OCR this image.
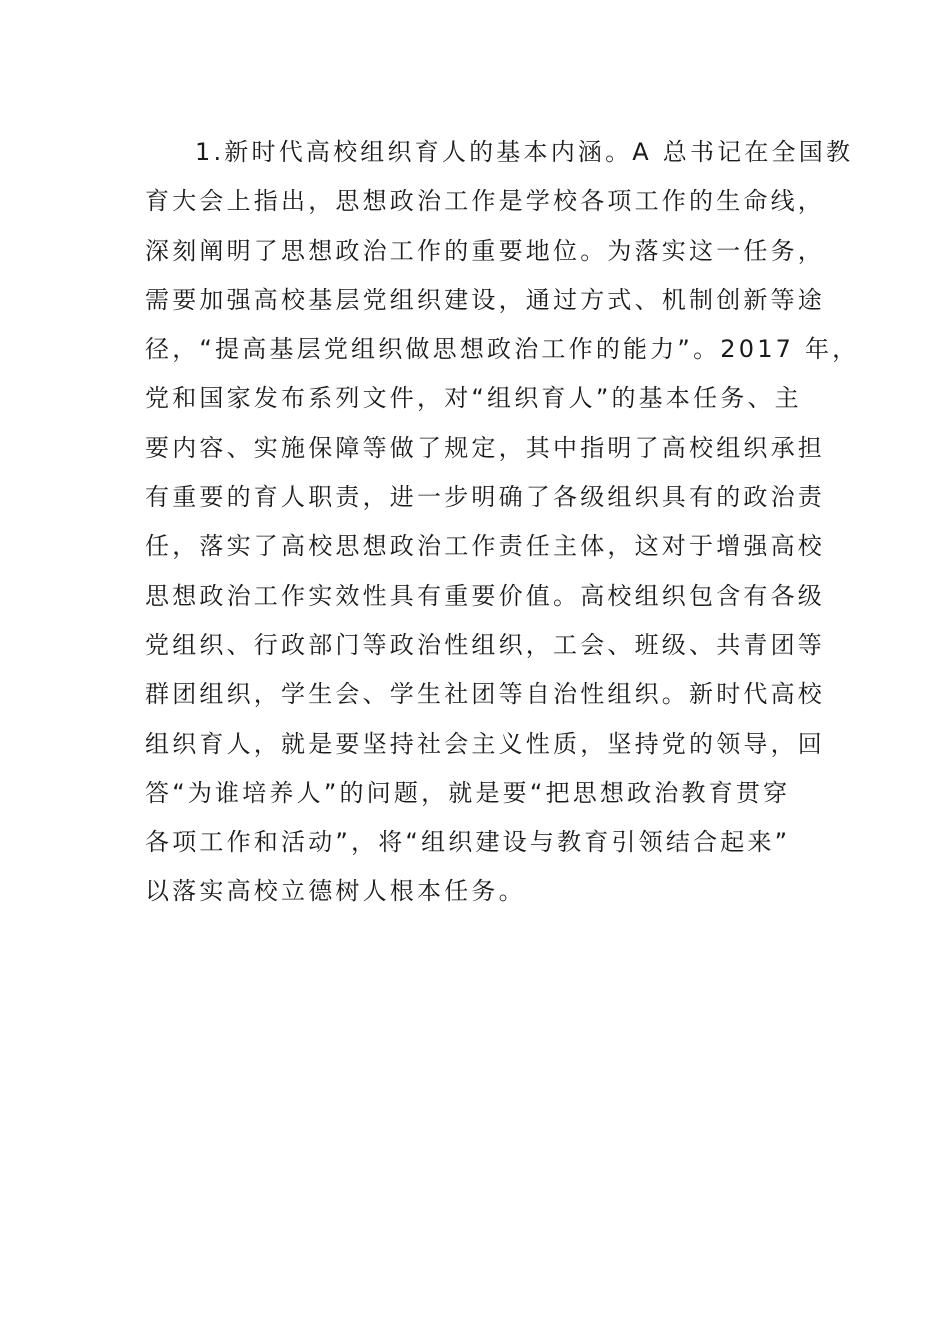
1.新时代高校组织育人的基本内涵。A 总书记在全国教
育大会上指出，思想政治工作是学校各项工作的生命线，
深刻阐明了思想政治工作的重要地位。为落实这一任务，
需要加强高校基层党组织建设，通过方式、机制创新等途
径，“提高基层党组织做思想政治工作的能力”。2017 年，
党和国家发布系列文件，对“组织育人”的基本任务、主
要内容、实施保障等做了规定，其中指明了高校组织承担
有重要的育人职责，进一步明确了各级组织具有的政治责
任，落实了高校思想政治工作责任主体，这对于增强高校
思想政治工作实效性具有重要价值。高校组织包含有各级
党组织、行政部门等政治性组织，工会、班级、共青团等
群团组织，学生会、学生社团等自治性组织。新时代高校
组织育人，就是要坚持社会主义性质，坚持党的领导，回
答“为谁培养人”的问题，就是要“把思想政治教育贯穿
各项工作和活动”，将“组织建设与教育引领结合起来”
以落实高校立德树人根本任务。
